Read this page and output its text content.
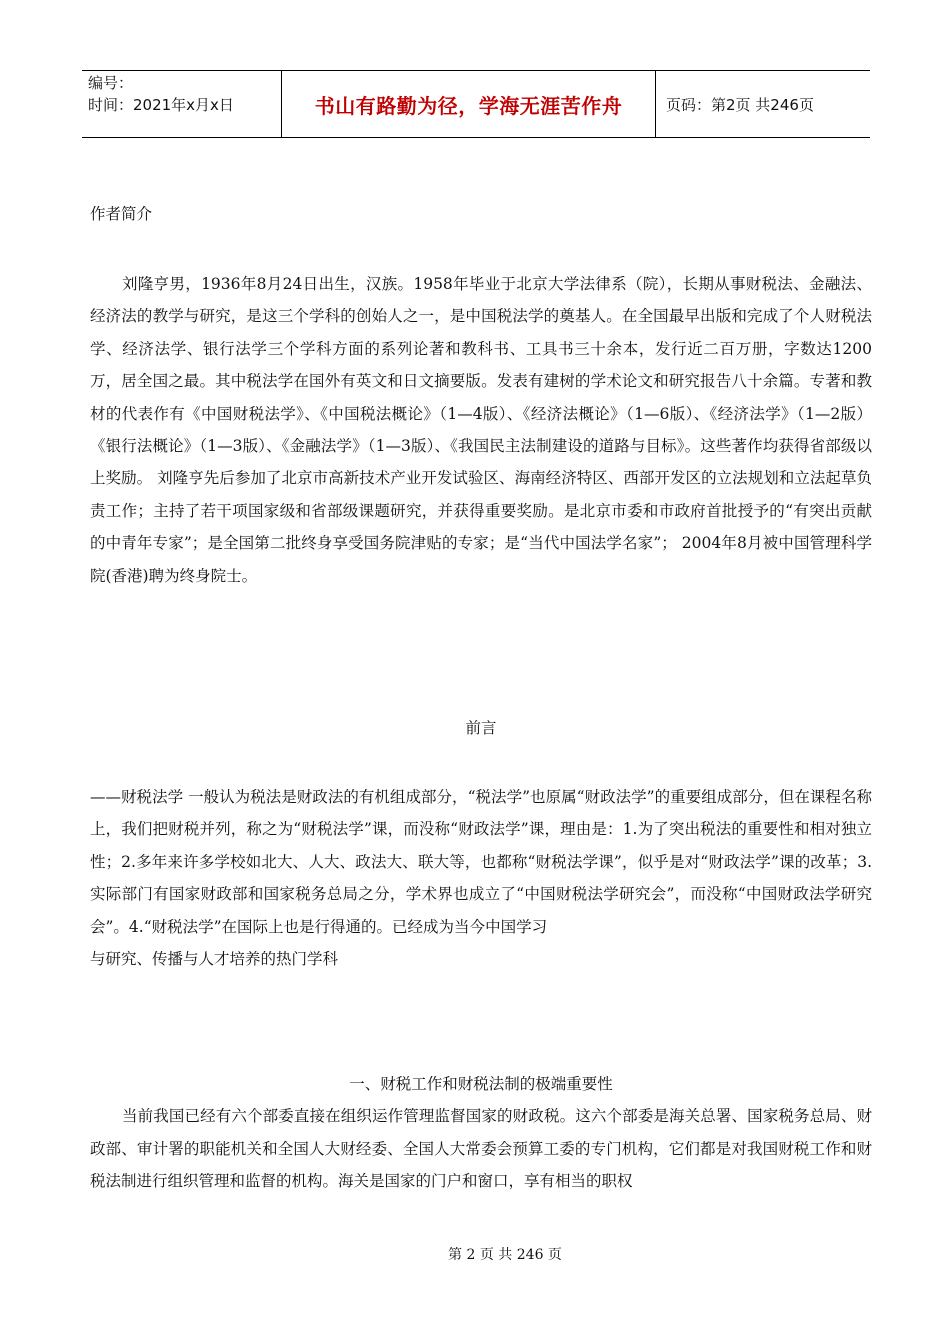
编号：
时间：2021年x月x日	书山有路勤为径，学海无涯苦作舟	页码：第2页 共246页

作者简介

刘隆亨男，1936年8月24日出生，汉族。1958年毕业于北京大学法律系（院），长期从事财税法、金融法、经济法的教学与研究，是这三个学科的创始人之一，是中国税法学的奠基人。在全国最早出版和完成了个人财税法学、经济法学、银行法学三个学科方面的系列论著和教科书、工具书三十余本，发行近二百万册，字数达1200万，居全国之最。其中税法学在国外有英文和日文摘要版。发表有建树的学术论文和研究报告八十余篇。专著和教材的代表作有《中国财税法学》、《中国税法概论》（1—4版）、《经济法概论》（1—6版）、《经济法学》（1—2版）《银行法概论》（1—3版）、《金融法学》（1—3版）、《我国民主法制建设的道路与目标》。这些著作均获得省部级以上奖励。 刘隆亨先后参加了北京市高新技术产业开发试验区、海南经济特区、西部开发区的立法规划和立法起草负责工作；主持了若干项国家级和省部级课题研究，并获得重要奖励。是北京市委和市政府首批授予的“有突出贡献的中青年专家”；是全国第二批终身享受国务院津贴的专家；是“当代中国法学名家”； 2004年8月被中国管理科学院(香港)聘为终身院士。

前言

——财税法学 一般认为税法是财政法的有机组成部分，“税法学”也原属“财政法学”的重要组成部分，但在课程名称上，我们把财税并列，称之为“财税法学”课，而没称“财政法学”课，理由是：1.为了突出税法的重要性和相对独立性；2.多年来许多学校如北大、人大、政法大、联大等，也都称“财税法学课”，似乎是对“财政法学”课的改革；3.实际部门有国家财政部和国家税务总局之分，学术界也成立了“中国财税法学研究会”，而没称“中国财政法学研究会”。4.“财税法学”在国际上也是行得通的。已经成为当今中国学习

与研究、传播与人才培养的热门学科

一、财税工作和财税法制的极端重要性

当前我国已经有六个部委直接在组织运作管理监督国家的财政税。这六个部委是海关总署、国家税务总局、财政部、审计署的职能机关和全国人大财经委、全国人大常委会预算工委的专门机构，它们都是对我国财税工作和财税法制进行组织管理和监督的机构。海关是国家的门户和窗口，享有相当的职权

第 2 页 共 246 页
